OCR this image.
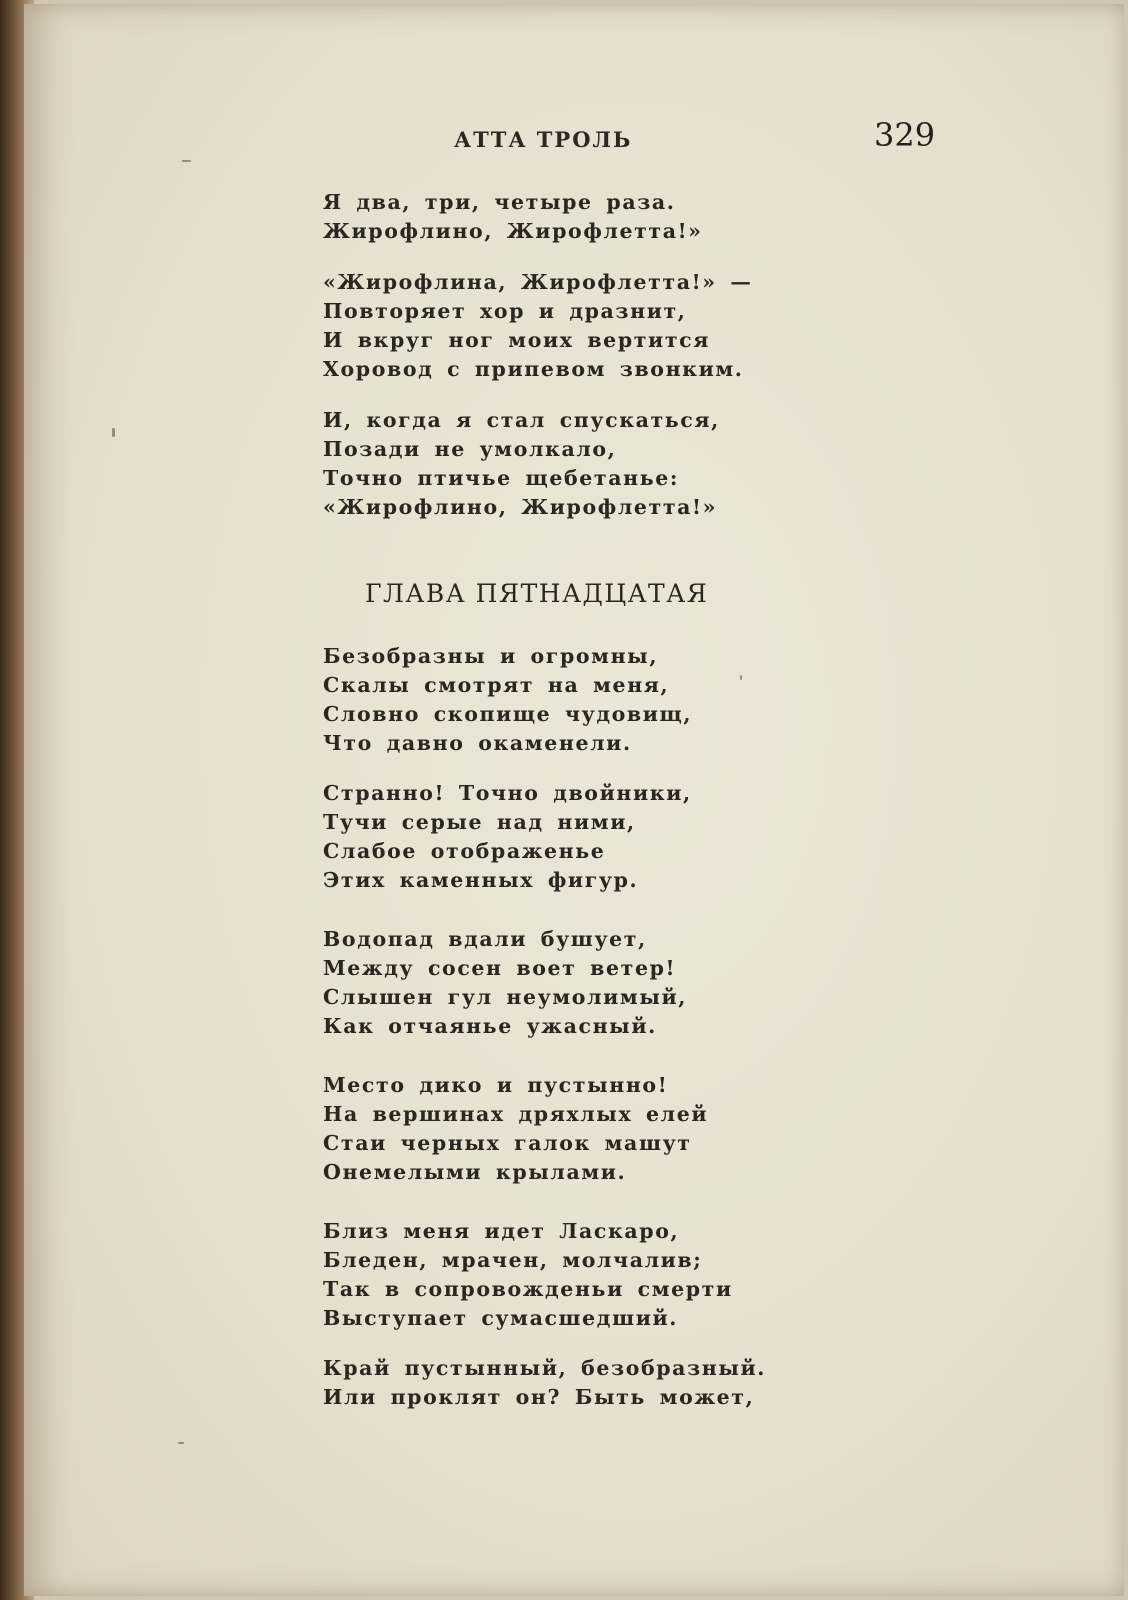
АТТА ТРОЛЬ	329
Я два, три, четыре раза.
Жирофлино, Жирофлетта!»
«Жирофлина, Жирофлетта!» —
Повторяет хор и дразнит,
И вкруг ног моих вертится
Хоровод с припевом звонким.
И, когда я стал спускаться,
Позади не умолкало,
Точно птичье щебетанье:
«Жирофлино, Жирофлетта!»
ГЛАВА ПЯТНАДЦАТАЯ
Безобразны и огромны,
Скалы смотрят на меня,
Словно скопище чудовищ,
Что давно окаменели.
Странно! Точно двойники,
Тучи серые над ними,
Слабое отображенье
Этих каменных фигур.
Водопад вдали бушует,
Между сосен воет ветер!
Слышен гул неумолимый,
Как отчаянье ужасный.
Место дико и пустынно!
На вершинах дряхлых елей
Стаи черных галок машут
Онемелыми крылами.
Близ меня идет Ласкаро,
Бледен, мрачен, молчалив;
Так в сопровожденьи смерти
Выступает сумасшедший.
Край пустынный, безобразный.
Или проклят он? Быть может,
